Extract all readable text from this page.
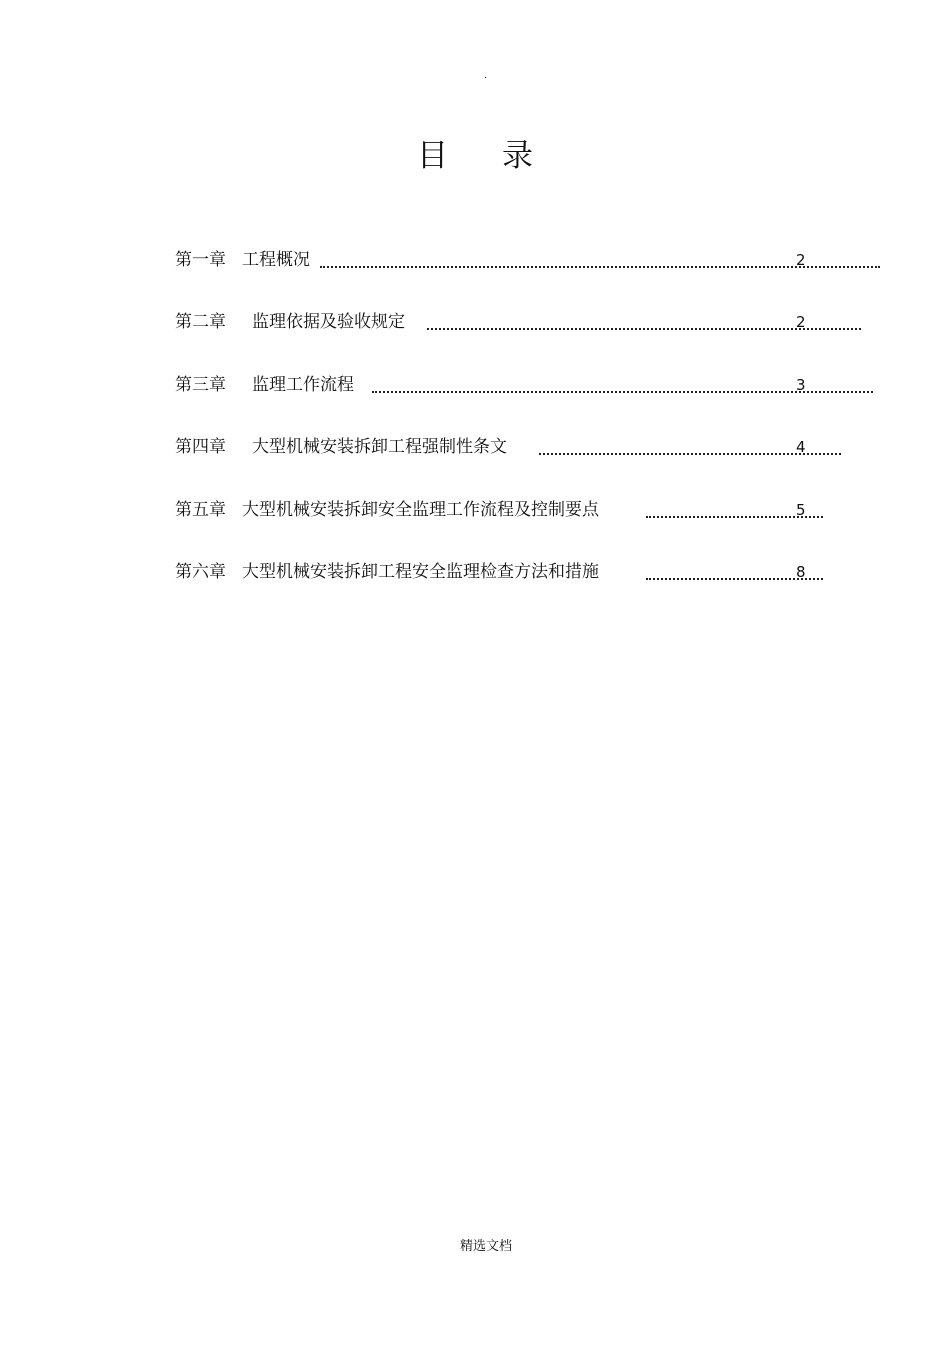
.
目 录
第一章 工程概况	2
第二章 监理依据及验收规定	2
第三章 监理工作流程	3
第四章 大型机械安装拆卸工程强制性条文	4
第五章 大型机械安装拆卸安全监理工作流程及控制要点	5
第六章 大型机械安装拆卸工程安全监理检查方法和措施	8
精选文档
